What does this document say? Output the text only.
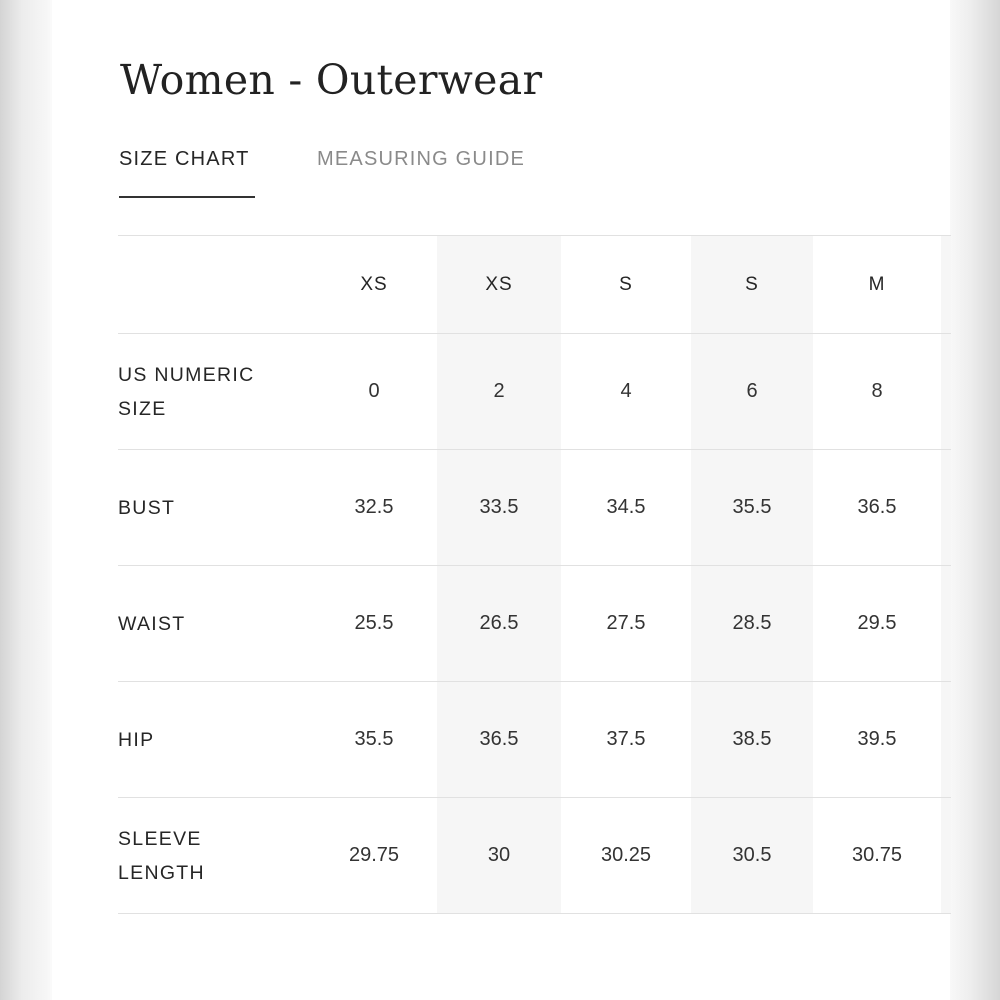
Women - Outerwear
SIZE CHART	MEASURING GUIDE
	XS	XS	S	S	M	
US NUMERIC
SIZE	0	2	4	6	8	
BUST	32.5	33.5	34.5	35.5	36.5	
WAIST	25.5	26.5	27.5	28.5	29.5	
HIP	35.5	36.5	37.5	38.5	39.5	
SLEEVE
LENGTH	29.75	30	30.25	30.5	30.75	
